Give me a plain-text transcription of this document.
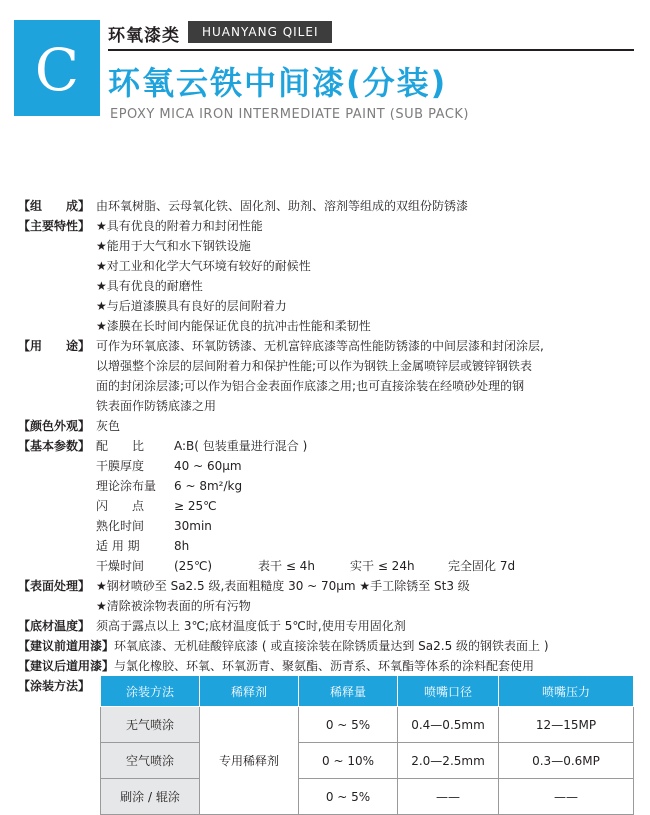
C	环氧漆类	HUANYANG QILEI
环氧云铁中间漆(分装)
EPOXY MICA IRON INTERMEDIATE PAINT (SUB PACK)
【组　　成】 由环氧树脂、云母氧化铁、固化剂、助剂、溶剂等组成的双组份防锈漆
【主要特性】 ★具有优良的附着力和封闭性能
★能用于大气和水下钢铁设施
★对工业和化学大气环境有较好的耐候性
★具有优良的耐磨性
★与后道漆膜具有良好的层间附着力
★漆膜在长时间内能保证优良的抗冲击性能和柔韧性
【用　　途】 可作为环氧底漆、环氧防锈漆、无机富锌底漆等高性能防锈漆的中间层漆和封闭涂层,
以增强整个涂层的层间附着力和保护性能;可以作为钢铁上金属喷锌层或镀锌钢铁表
面的封闭涂层漆;可以作为铝合金表面作底漆之用;也可直接涂装在经喷砂处理的钢
铁表面作防锈底漆之用
【颜色外观】 灰色
【基本参数】 配　　比	A:B( 包装重量进行混合 )
干膜厚度	40 ~ 60μm
理论涂布量	6 ~ 8m²/kg
闪　　点	≥ 25℃
熟化时间	30min
适 用 期	8h
干燥时间	(25℃)	表干 ≤ 4h	实干 ≤ 24h	完全固化 7d
【表面处理】 ★钢材喷砂至 Sa2.5 级,表面粗糙度 30 ~ 70μm ★手工除锈至 St3 级
★清除被涂物表面的所有污物
【底材温度】 须高于露点以上 3℃;底材温度低于 5℃时,使用专用固化剂
【建议前道用漆】 环氧底漆、无机硅酸锌底漆 ( 或直接涂装在除锈质量达到 Sa2.5 级的钢铁表面上 )
【建议后道用漆】 与氯化橡胶、环氧、环氧沥青、聚氨酯、沥青系、环氧酯等体系的涂料配套使用
【涂装方法】	涂装方法	稀释剂	稀释量	喷嘴口径	喷嘴压力
无气喷涂	专用稀释剂	0 ~ 5%	0.4—0.5mm	12—15MP
空气喷涂		0 ~ 10%	2.0—2.5mm	0.3—0.6MP
刷涂 / 辊涂		0 ~ 5%	——	——
